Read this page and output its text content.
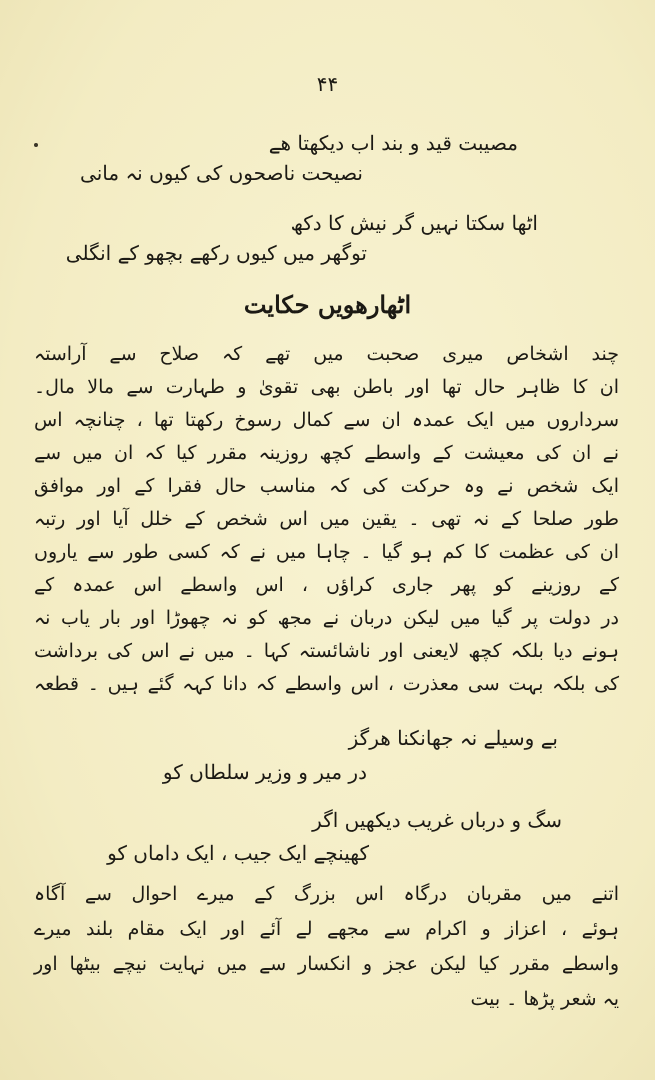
۴۴
مصیبت قید و بند اب دیکھتا ھے
نصیحت ناصحوں کی کیوں نہ مانی
اٹھا سکتا نہیں گر نیش کا دکھ
توگھر میں کیوں رکھے بچھو کے انگلی
اٹھارھویں حکایت
چند اشخاص میری صحبت میں تھے کہ صلاح سے آراستہ
ان کا ظاہر حال تھا اور باطن بھی تقویٰ و طہارت سے مالا مال۔
سرداروں میں ایک عمدہ ان سے کمال رسوخ رکھتا تھا ، چنانچہ اس
نے ان کی معیشت کے واسطے کچھ روزینہ مقرر کیا کہ ان میں سے
ایک شخص نے وہ حرکت کی کہ مناسب حال فقرا کے اور موافق
طور صلحا کے نہ تھی ۔ یقین میں اس شخص کے خلل آیا اور رتبہ
ان کی عظمت کا کم ہو گیا ۔ چاہا میں نے کہ کسی طور سے یاروں
کے روزینے کو پھر جاری کراؤں ، اس واسطے اس عمدہ کے
در دولت پر گیا میں لیکن دربان نے مجھ کو نہ چھوڑا اور بار یاب نہ
ہونے دیا بلکہ کچھ لایعنی اور ناشائستہ کہا ۔ میں نے اس کی برداشت
کی بلکہ بہت سی معذرت ، اس واسطے کہ دانا کہہ گئے ہیں ۔ قطعہ
بے وسیلے نہ جھانکنا ھرگز
در میر و وزیر سلطاں کو
سگ و درباں غریب دیکھیں اگر
کھینچے ایک جیب ، ایک داماں کو
اتنے میں مقربان درگاہ اس بزرگ کے میرے احوال سے آگاہ
ہوئے ، اعزاز و اکرام سے مجھے لے آئے اور ایک مقام بلند میرے
واسطے مقرر کیا لیکن عجز و انکسار سے میں نہایت نیچے بیٹھا اور
یہ شعر پڑھا ۔ بیت
